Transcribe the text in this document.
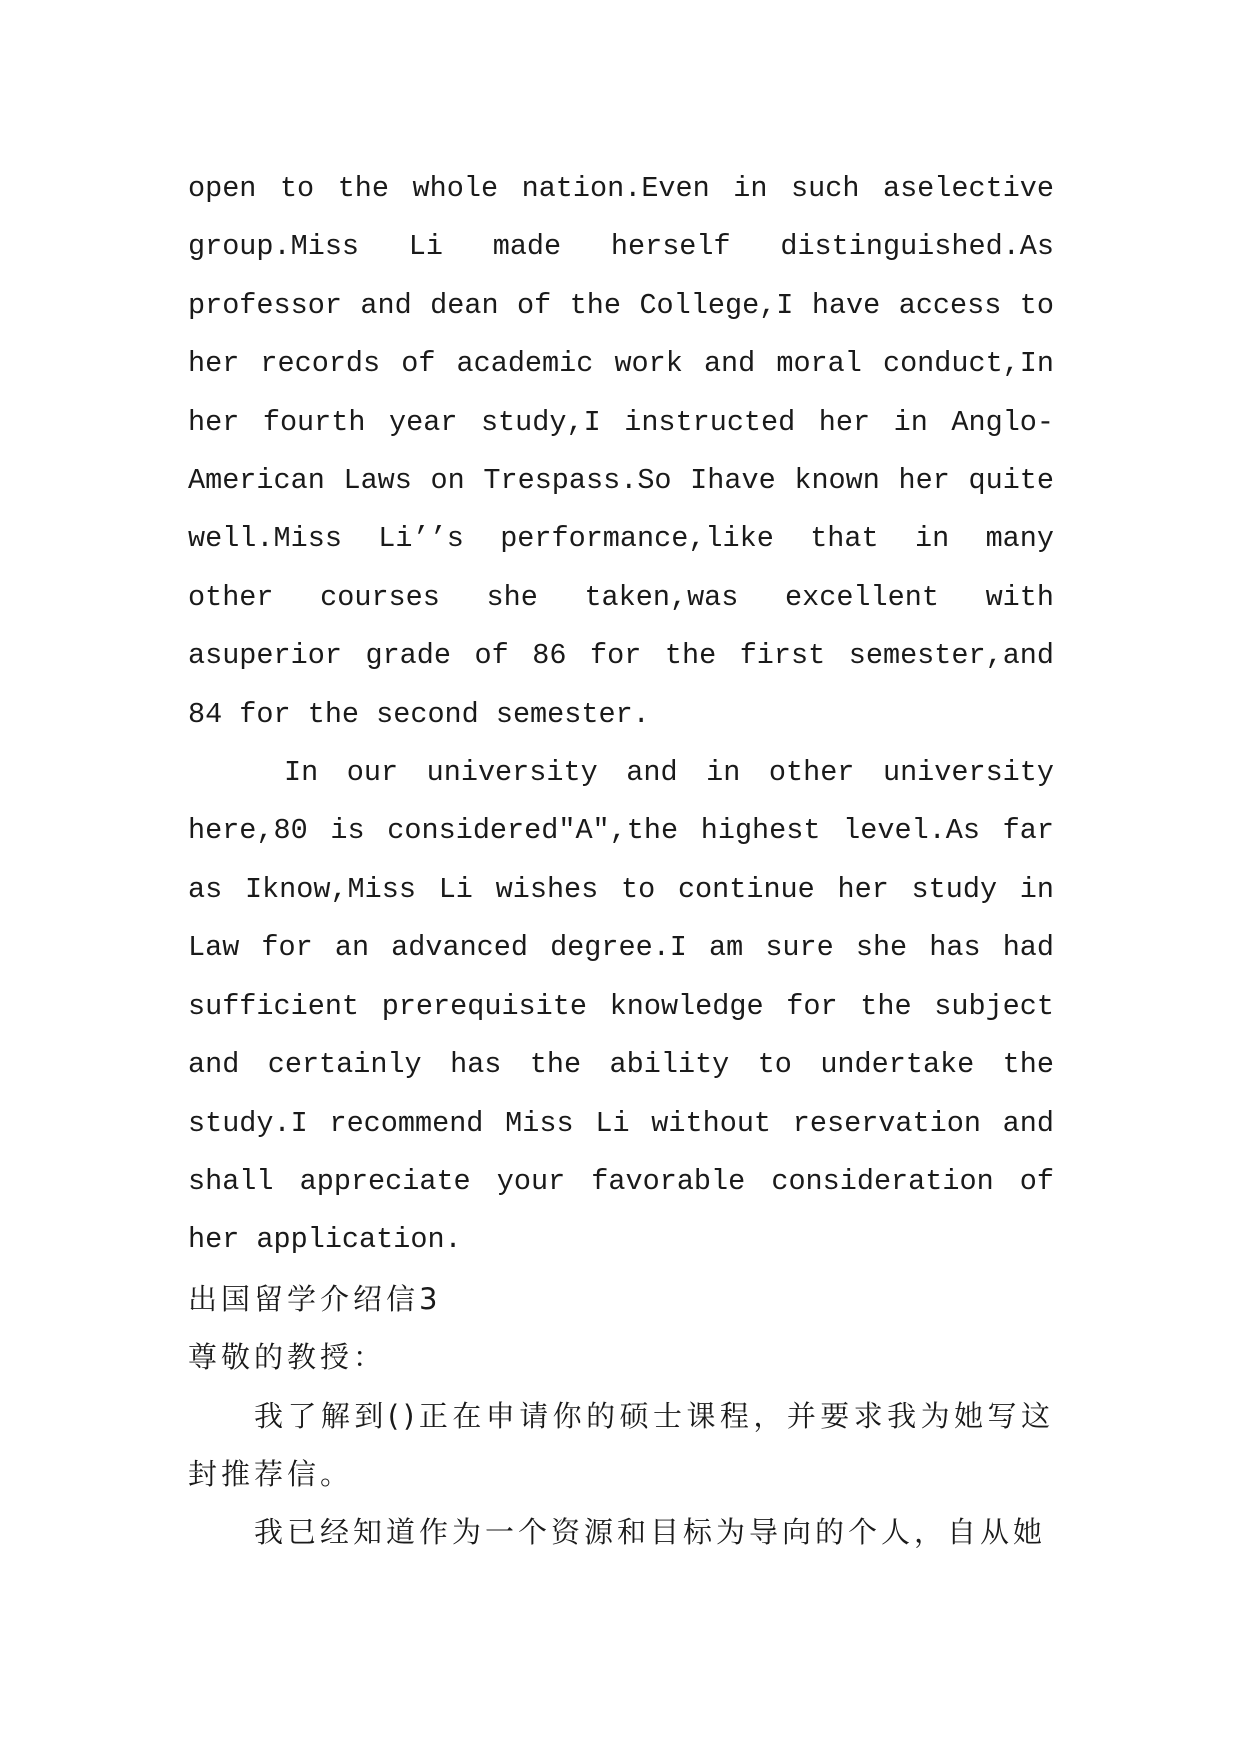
open to the whole nation.Even in such aselective group.Miss Li made herself distinguished.As professor and dean of the College,I have access to her records of academic work and moral conduct,In her fourth year study,I instructed her in Anglo-American Laws on Trespass.So Ihave known her quite well.Miss Li’’s performance,like that in many other courses she taken,was excellent with asuperior grade of 86 for the first semester,and 84 for the second semester.

In our university and in other university here,80 is considered"A",the highest level.As far as Iknow,Miss Li wishes to continue her study in Law for an advanced degree.I am sure she has had sufficient prerequisite knowledge for the subject and certainly has the ability to undertake the study.I recommend Miss Li without reservation and shall appreciate your favorable consideration of her application.

出国留学介绍信3

尊敬的教授：

我了解到()正在申请你的硕士课程，并要求我为她写这封推荐信。

我已经知道作为一个资源和目标为导向的个人，自从她
